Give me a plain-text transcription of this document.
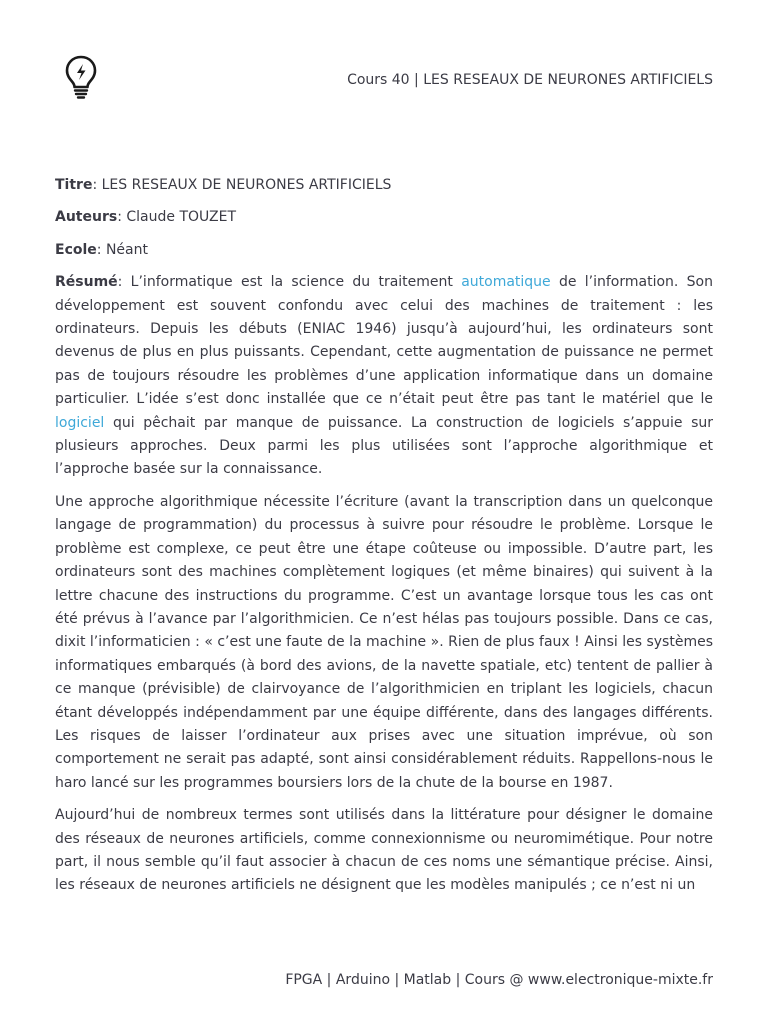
Cours 40 | LES RESEAUX DE NEURONES ARTIFICIELS

Titre: LES RESEAUX DE NEURONES ARTIFICIELS

Auteurs: Claude TOUZET

Ecole: Néant

Résumé: L’informatique est la science du traitement automatique de l’information. Son développement est souvent confondu avec celui des machines de traitement : les ordinateurs. Depuis les débuts (ENIAC 1946) jusqu’à aujourd’hui, les ordinateurs sont devenus de plus en plus puissants. Cependant, cette augmentation de puissance ne permet pas de toujours résoudre les problèmes d’une application informatique dans un domaine particulier. L’idée s’est donc installée que ce n’était peut être pas tant le matériel que le logiciel qui pêchait par manque de puissance. La construction de logiciels s’appuie sur plusieurs approches. Deux parmi les plus utilisées sont l’approche algorithmique et l’approche basée sur la connaissance.

Une approche algorithmique nécessite l’écriture (avant la transcription dans un quelconque langage de programmation) du processus à suivre pour résoudre le problème. Lorsque le problème est complexe, ce peut être une étape coûteuse ou impossible. D’autre part, les ordinateurs sont des machines complètement logiques (et même binaires) qui suivent à la lettre chacune des instructions du programme. C’est un avantage lorsque tous les cas ont été prévus à l’avance par l’algorithmicien. Ce n’est hélas pas toujours possible. Dans ce cas, dixit l’informaticien : « c’est une faute de la machine ». Rien de plus faux ! Ainsi les systèmes informatiques embarqués (à bord des avions, de la navette spatiale, etc) tentent de pallier à ce manque (prévisible) de clairvoyance de l’algorithmicien en triplant les logiciels, chacun étant développés indépendamment par une équipe différente, dans des langages différents. Les risques de laisser l’ordinateur aux prises avec une situation imprévue, où son comportement ne serait pas adapté, sont ainsi considérablement réduits. Rappellons-nous le haro lancé sur les programmes boursiers lors de la chute de la bourse en 1987.

Aujourd’hui de nombreux termes sont utilisés dans la littérature pour désigner le domaine des réseaux de neurones artificiels, comme connexionnisme ou neuromimétique. Pour notre part, il nous semble qu’il faut associer à chacun de ces noms une sémantique précise. Ainsi, les réseaux de neurones artificiels ne désignent que les modèles manipulés ; ce n’est ni un

FPGA | Arduino | Matlab | Cours @ www.electronique-mixte.fr
